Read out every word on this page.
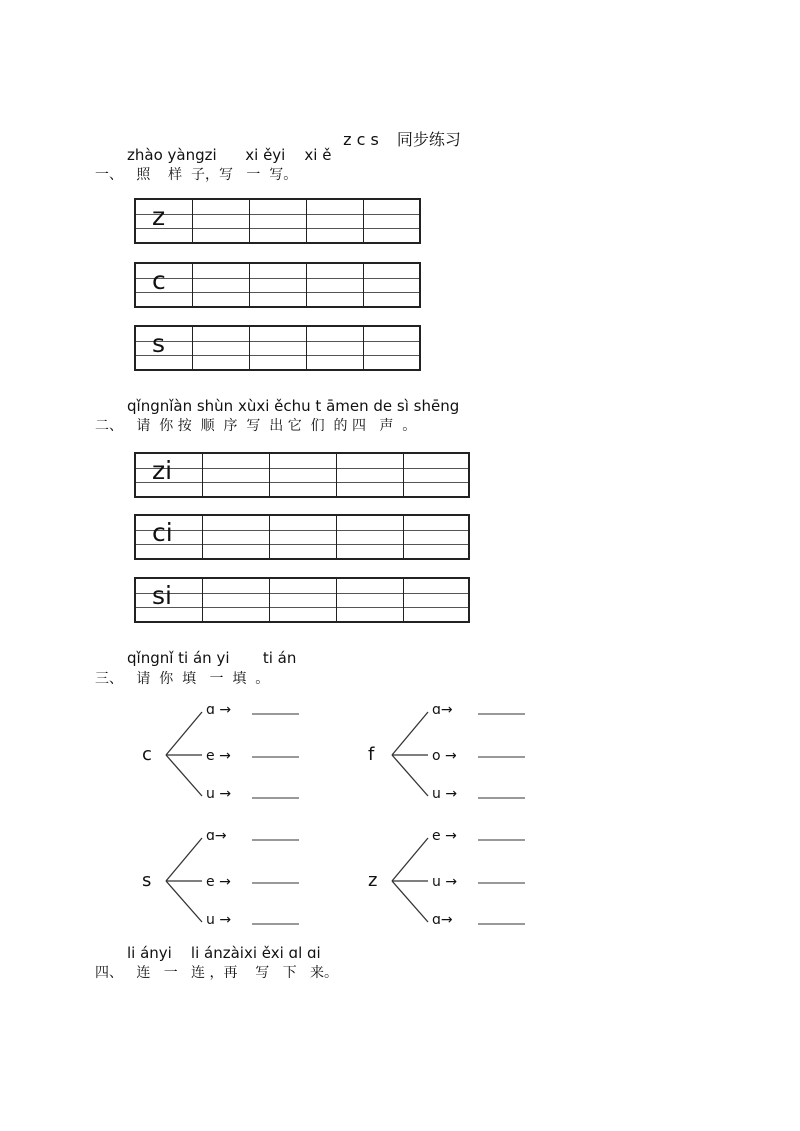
z c s 同步练习

zhào yàngzi      xi ěyi    xi ě
一、   照    样  子，写   一  写。
z
c
s
qǐngnǐàn shùn xùxi ěchu t āmen de sì shēng
二、   请  你 按  顺  序  写  出 它  们  的 四   声  。
zi
ci
si
qǐngnǐ ti án yi       ti án
三、   请  你  填   一  填  。
c
ɑ →
e →
u →
f
ɑ→
o →
u →
s
ɑ→
e →
u →
z
e →
u →
ɑ→
li ányi    li ánzàixi ěxi ɑl ɑi
四、   连   一   连 ，再    写   下   来。
